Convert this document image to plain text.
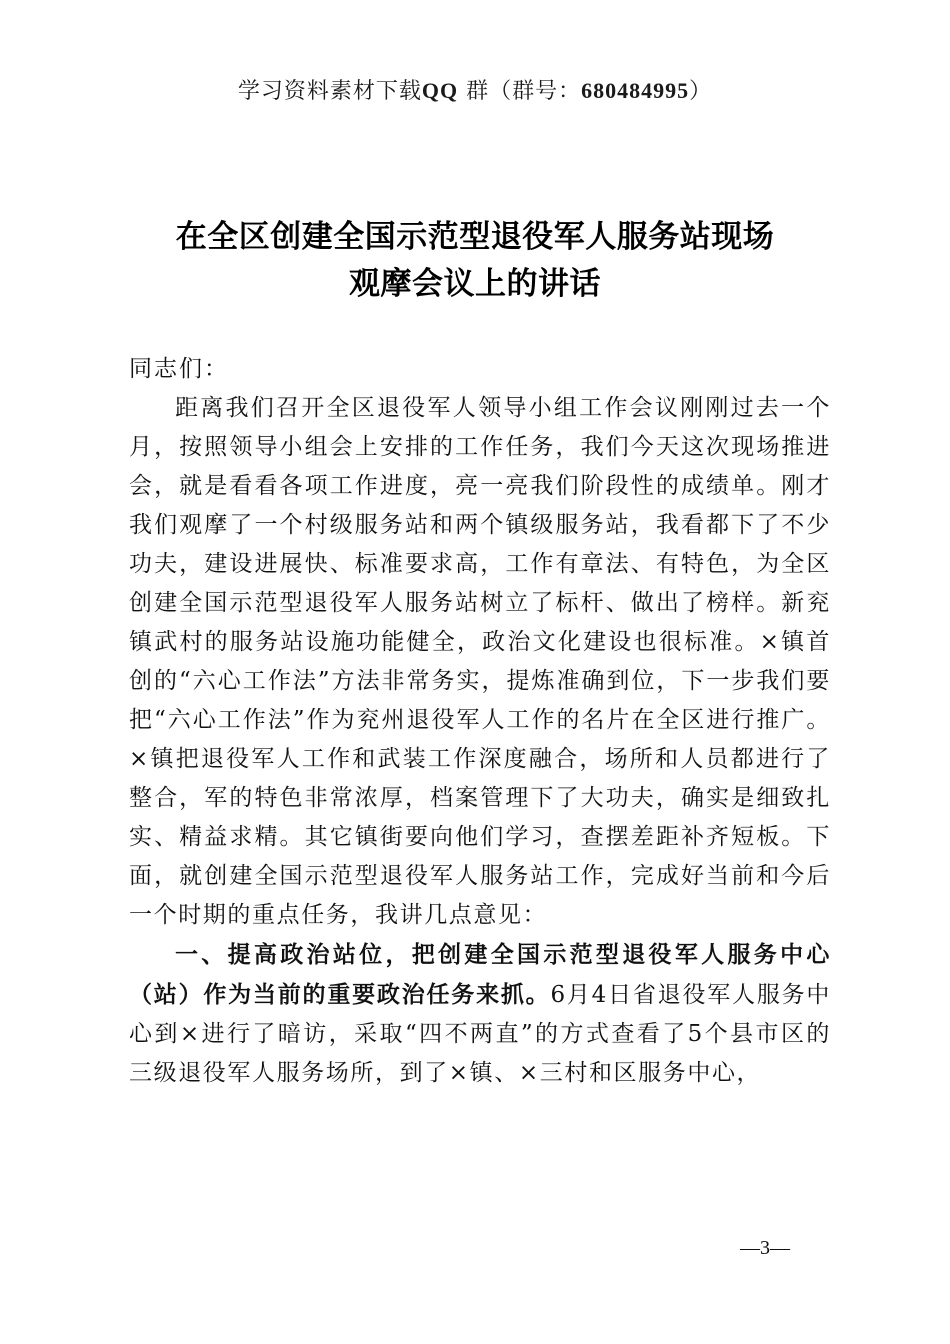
学习资料素材下载QQ 群（群号：680484995）
在全区创建全国示范型退役军人服务站现场
观摩会议上的讲话

同志们：

距离我们召开全区退役军人领导小组工作会议刚刚过去一个月，按照领导小组会上安排的工作任务，我们今天这次现场推进会，就是看看各项工作进度，亮一亮我们阶段性的成绩单。刚才我们观摩了一个村级服务站和两个镇级服务站，我看都下了不少功夫，建设进展快、标准要求高，工作有章法、有特色，为全区创建全国示范型退役军人服务站树立了标杆、做出了榜样。新兖镇武村的服务站设施功能健全，政治文化建设也很标准。×镇首创的“六心工作法”方法非常务实，提炼准确到位，下一步我们要把“六心工作法”作为兖州退役军人工作的名片在全区进行推广。×镇把退役军人工作和武装工作深度融合，场所和人员都进行了整合，军的特色非常浓厚，档案管理下了大功夫，确实是细致扎实、精益求精。其它镇街要向他们学习，查摆差距补齐短板。下面，就创建全国示范型退役军人服务站工作，完成好当前和今后一个时期的重点任务，我讲几点意见：

一、提高政治站位，把创建全国示范型退役军人服务中心（站）作为当前的重要政治任务来抓。6月4日省退役军人服务中心到×进行了暗访，采取“四不两直”的方式查看了5个县市区的三级退役军人服务场所，到了×镇、×三村和区服务中心，

—3—
